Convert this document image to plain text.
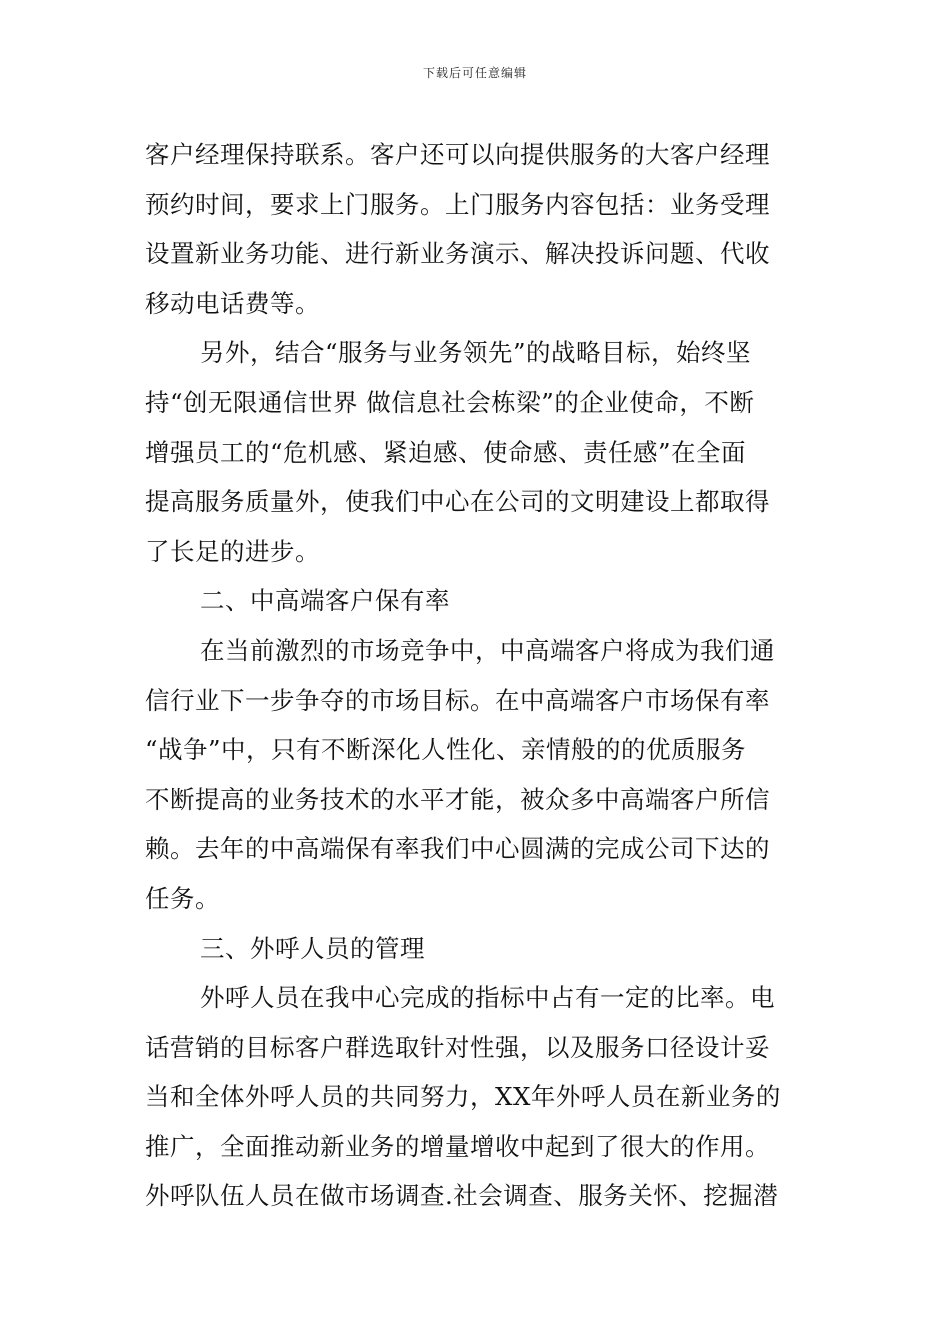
下载后可任意编辑
客户经理保持联系。客户还可以向提供服务的大客户经理
预约时间，要求上门服务。上门服务内容包括：业务受理
设置新业务功能、进行新业务演示、解决投诉问题、代收
移动电话费等。
另外，结合“服务与业务领先”的战略目标，始终坚
持“创无限通信世界 做信息社会栋梁”的企业使命，不断
增强员工的“危机感、紧迫感、使命感、责任感”在全面
提高服务质量外，使我们中心在公司的文明建设上都取得
了长足的进步。
二、中高端客户保有率
在当前激烈的市场竞争中，中高端客户将成为我们通
信行业下一步争夺的市场目标。在中高端客户市场保有率
“战争”中，只有不断深化人性化、亲情般的的优质服务
不断提高的业务技术的水平才能，被众多中高端客户所信
赖。去年的中高端保有率我们中心圆满的完成公司下达的
任务。
三、外呼人员的管理
外呼人员在我中心完成的指标中占有一定的比率。电
话营销的目标客户群选取针对性强，以及服务口径设计妥
当和全体外呼人员的共同努力，XX年外呼人员在新业务的
推广，全面推动新业务的增量增收中起到了很大的作用。
外呼队伍人员在做市场调查.社会调查、服务关怀、挖掘潜
